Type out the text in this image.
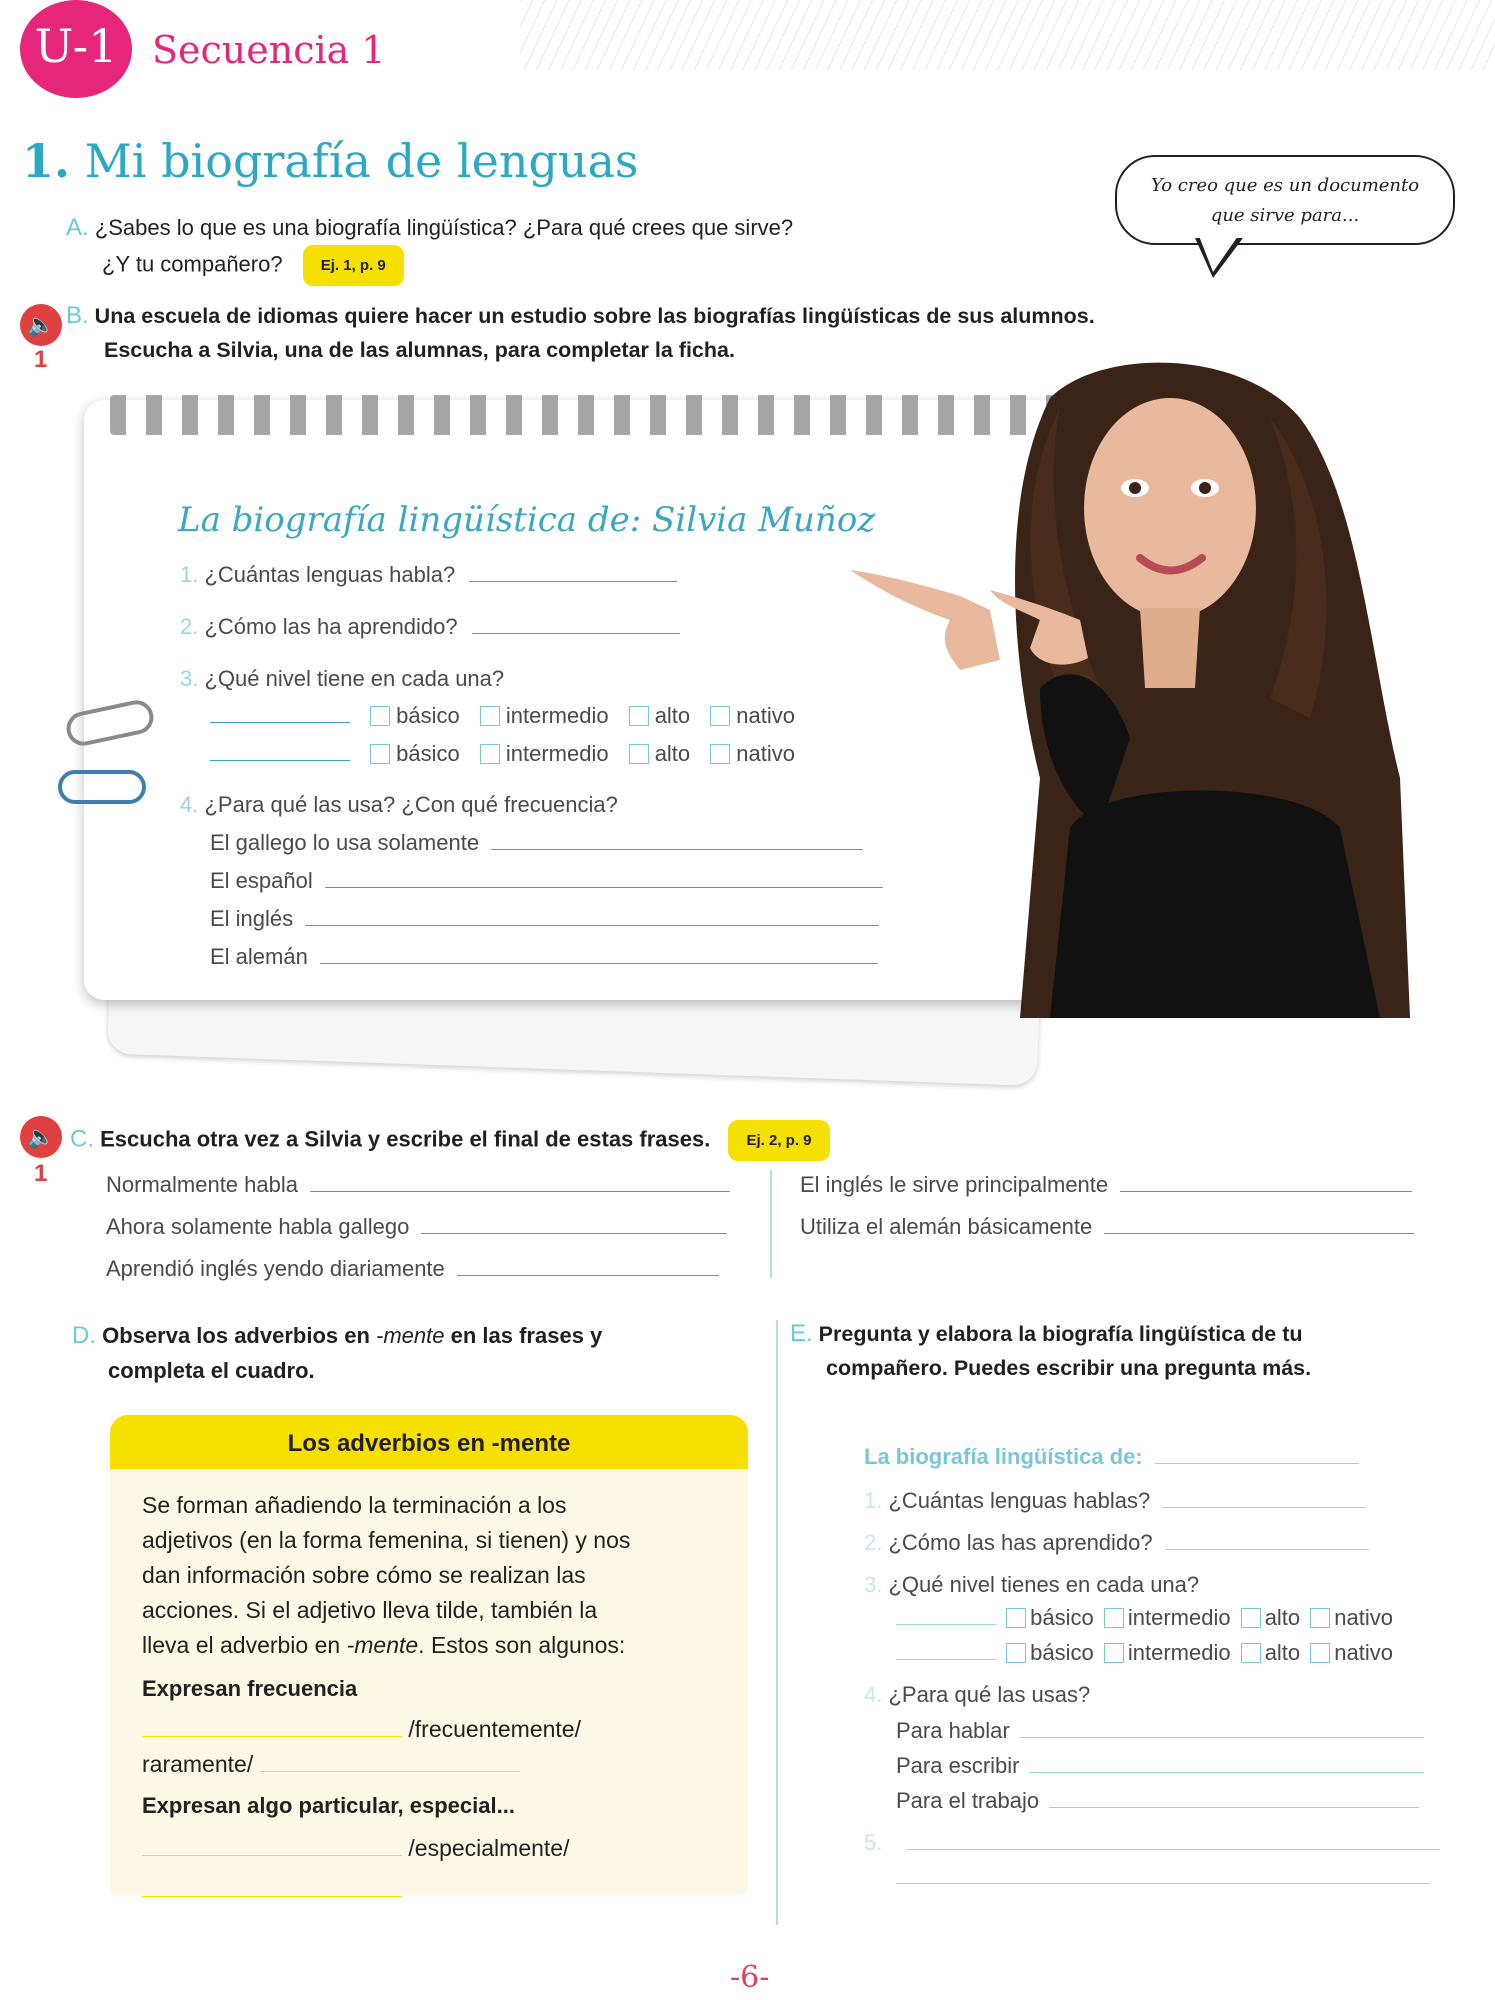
U-1 Secuencia 1
1. Mi biografía de lenguas	Yo creo que es un documento
que sirve para...
A. ¿Sabes lo que es una biografía lingüística? ¿Para qué crees que sirve?
¿Y tu compañero?	Ej. 1, p. 9
🔈
1
B. Una escuela de idiomas quiere hacer un estudio sobre las biografías lingüísticas de sus alumnos.
Escucha a Silvia, una de las alumnas, para completar la ficha.
La biografía lingüística de: Silvia Muñoz
1. ¿Cuántas lenguas habla?
2. ¿Cómo las ha aprendido?
3. ¿Qué nivel tiene en cada una?
básico intermedio alto nativo
básico intermedio alto nativo
4. ¿Para qué las usa? ¿Con qué frecuencia?
El gallego lo usa solamente
El español
El inglés
El alemán
🔈
1
C. Escucha otra vez a Silvia y escribe el final de estas frases. Ej. 2, p. 9
Normalmente habla
Ahora solamente habla gallego
Aprendió inglés yendo diariamente
El inglés le sirve principalmente
Utiliza el alemán básicamente
D. Observa los adverbios en -mente en las frases y
completa el cuadro.
Los adverbios en -mente
Se forman añadiendo la terminación a los
adjetivos (en la forma femenina, si tienen) y nos
dan información sobre cómo se realizan las
acciones. Si el adjetivo lleva tilde, también la
lleva el adverbio en -mente. Estos son algunos:
Expresan frecuencia
/frecuentemente/
raramente/
Expresan algo particular, especial...
/especialmente/
E. Pregunta y elabora la biografía lingüística de tu
compañero. Puedes escribir una pregunta más.
La biografía lingüística de:
1. ¿Cuántas lenguas hablas?
2. ¿Cómo las has aprendido?
3. ¿Qué nivel tienes en cada una?
básico intermedio alto nativo
básico intermedio alto nativo
4. ¿Para qué las usas?
Para hablar
Para escribir
Para el trabajo
5.
-6-
